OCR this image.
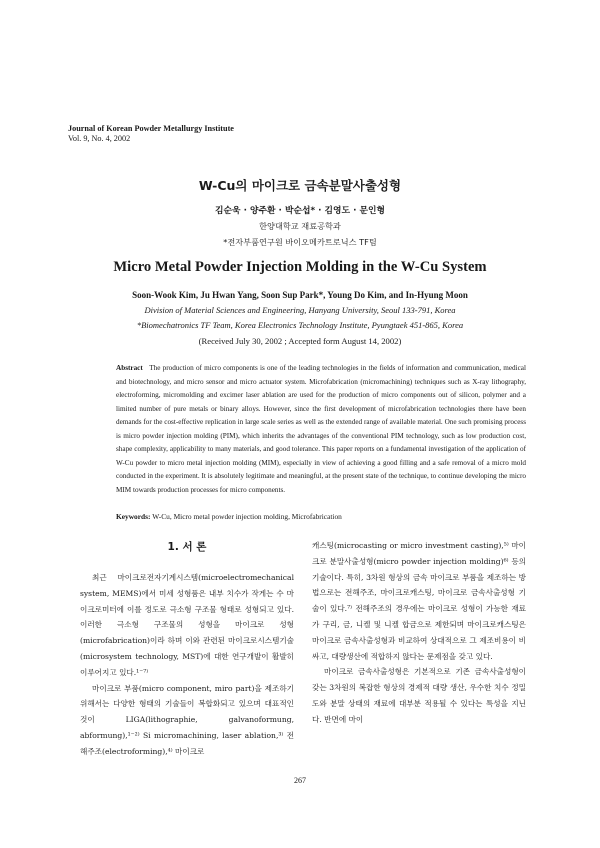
Journal of Korean Powder Metallurgy Institute
Vol. 9, No. 4, 2002
W-Cu의 마이크로 금속분말사출성형
김순욱 · 양주환 · 박순섭* · 김영도 · 문인형
한양대학교 재료공학과
*전자부품연구원 바이오메카트로닉스 TF팀
Micro Metal Powder Injection Molding in the W-Cu System
Soon-Wook Kim, Ju Hwan Yang, Soon Sup Park*, Young Do Kim, and In-Hyung Moon
Division of Material Sciences and Engineering, Hanyang University, Seoul 133-791, Korea
*Biomechatronics TF Team, Korea Electronics Technology Institute, Pyungtaek 451-865, Korea
(Received July 30, 2002 ; Accepted form August 14, 2002)
Abstract The production of micro components is one of the leading technologies in the fields of information and communication, medical and biotechnology, and micro sensor and micro actuator system. Microfabrication (micromachining) techniques such as X-ray lithography, electroforming, micromolding and excimer laser ablation are used for the production of micro components out of silicon, polymer and a limited number of pure metals or binary alloys. However, since the first development of microfabrication technologies there have been demands for the cost-effective replication in large scale series as well as the extended range of available material. One such promising process is micro powder injection molding (PIM), which inherits the advantages of the conventional PIM technology, such as low production cost, shape complexity, applicability to many materials, and good tolerance. This paper reports on a fundamental investigation of the application of W-Cu powder to micro metal injection molding (MIM), especially in view of achieving a good filling and a safe removal of a micro mold conducted in the experiment. It is absolutely legitimate and meaningful, at the present state of the technique, to continue developing the micro MIM towards production processes for micro components.
Keywords: W-Cu, Micro metal powder injection molding, Microfabrication
1. 서 론

최근 마이크로전자기계시스템(microelectromechanical system, MEMS)에서 미세 성형품은 내부 치수가 작게는 수 마이크로미터에 이를 정도로 극소형 구조물 형태로 성형되고 있다. 이러한 극소형 구조물의 성형을 마이크로 성형(microfabrication)이라 하며 이와 관련된 마이크로시스템기술(microsystem technology, MST)에 대한 연구개발이 활발히 이루어지고 있다.¹⁻⁷⁾

마이크로 부품(micro component, miro part)을 제조하기 위해서는 다양한 형태의 기술들이 복합화되고 있으며 대표적인 것이 LIGA(lithographie, galvanoformung, abformung),¹⁻²⁾ Si micromachining, laser ablation,³⁾ 전해주조(electroforming),⁴⁾ 마이크로

캐스팅(microcasting or micro investment casting),⁵⁾ 마이크로 분말사출성형(micro powder injection molding)⁶⁾ 등의 기술이다. 특히, 3차원 형상의 금속 마이크로 부품을 제조하는 방법으로는 전해주조, 마이크로캐스팅, 마이크로 금속사출성형 기술이 있다.⁷⁾ 전해주조의 경우에는 마이크로 성형이 가능한 재료가 구리, 금, 니켈 및 니켈 합금으로 제한되며 마이크로캐스팅은 마이크로 금속사출성형과 비교하여 상대적으로 그 제조비용이 비싸고, 대량생산에 적합하지 않다는 문제점을 갖고 있다.

마이크로 금속사출성형은 기본적으로 기존 금속사출성형이 갖는 3차원의 복잡한 형상의 경제적 대량 생산, 우수한 치수 정밀도와 분말 상태의 재료에 대부분 적용될 수 있다는 특성을 지닌다. 반면에 마이

267
